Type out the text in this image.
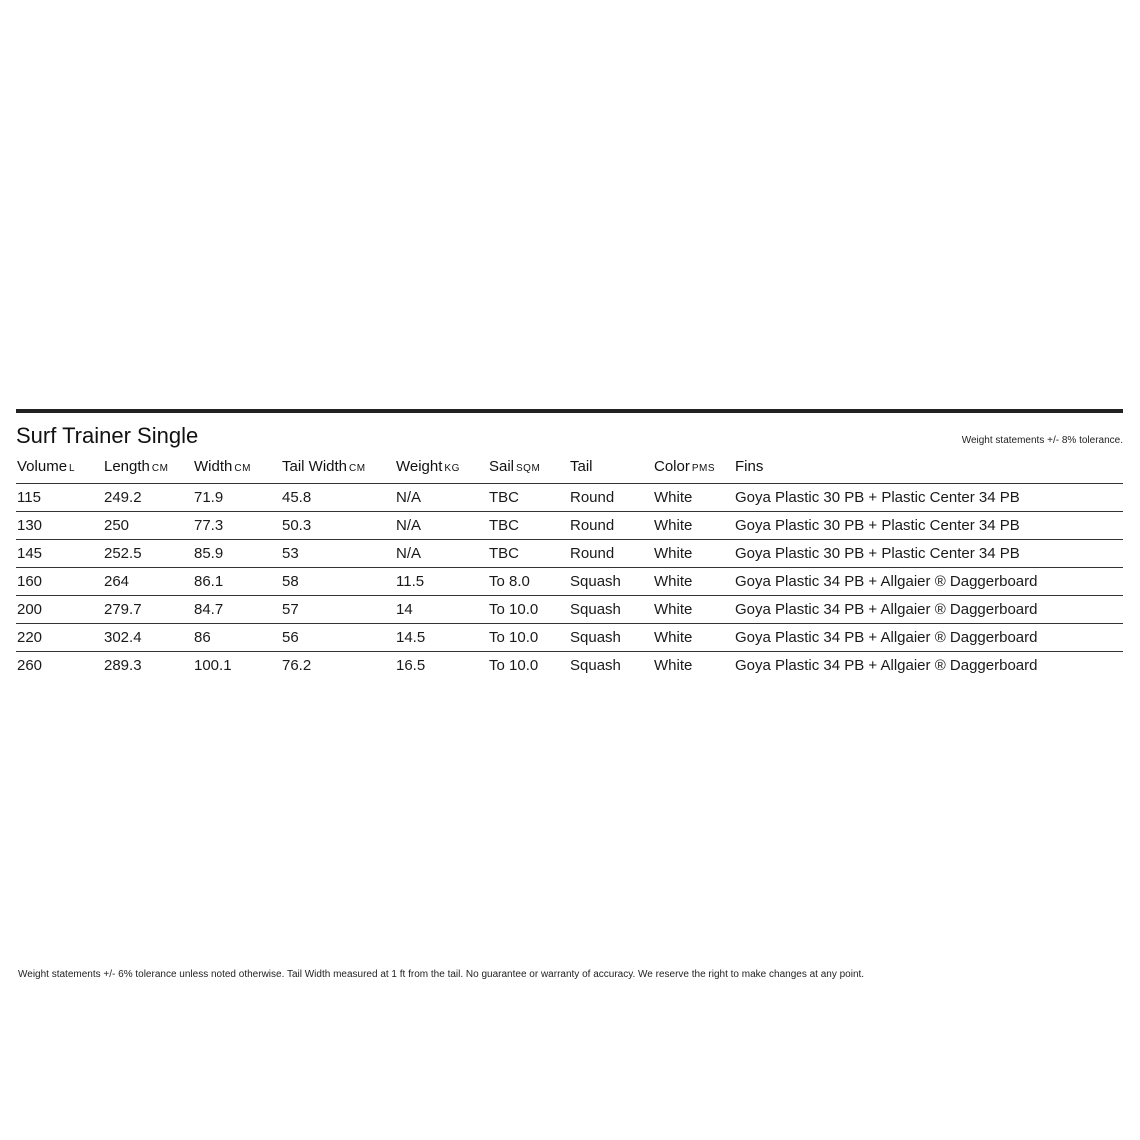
Surf Trainer Single	Weight statements +/- 8% tolerance.
Volume L	Length CM	Width CM	Tail Width CM	Weight KG	Sail SQM	Tail	Color PMS	Fins
115	249.2	71.9	45.8	N/A	TBC	Round	White	Goya Plastic 30 PB + Plastic Center 34 PB
130	250	77.3	50.3	N/A	TBC	Round	White	Goya Plastic 30 PB + Plastic Center 34 PB
145	252.5	85.9	53	N/A	TBC	Round	White	Goya Plastic 30 PB + Plastic Center 34 PB
160	264	86.1	58	11.5	To 8.0	Squash	White	Goya Plastic 34 PB + Allgaier ® Daggerboard
200	279.7	84.7	57	14	To 10.0	Squash	White	Goya Plastic 34 PB + Allgaier ® Daggerboard
220	302.4	86	56	14.5	To 10.0	Squash	White	Goya Plastic 34 PB + Allgaier ® Daggerboard
260	289.3	100.1	76.2	16.5	To 10.0	Squash	White	Goya Plastic 34 PB + Allgaier ® Daggerboard
Weight statements +/- 6% tolerance unless noted otherwise. Tail Width measured at 1 ft from the tail. No guarantee or warranty of accuracy. We reserve the right to make changes at any point.
